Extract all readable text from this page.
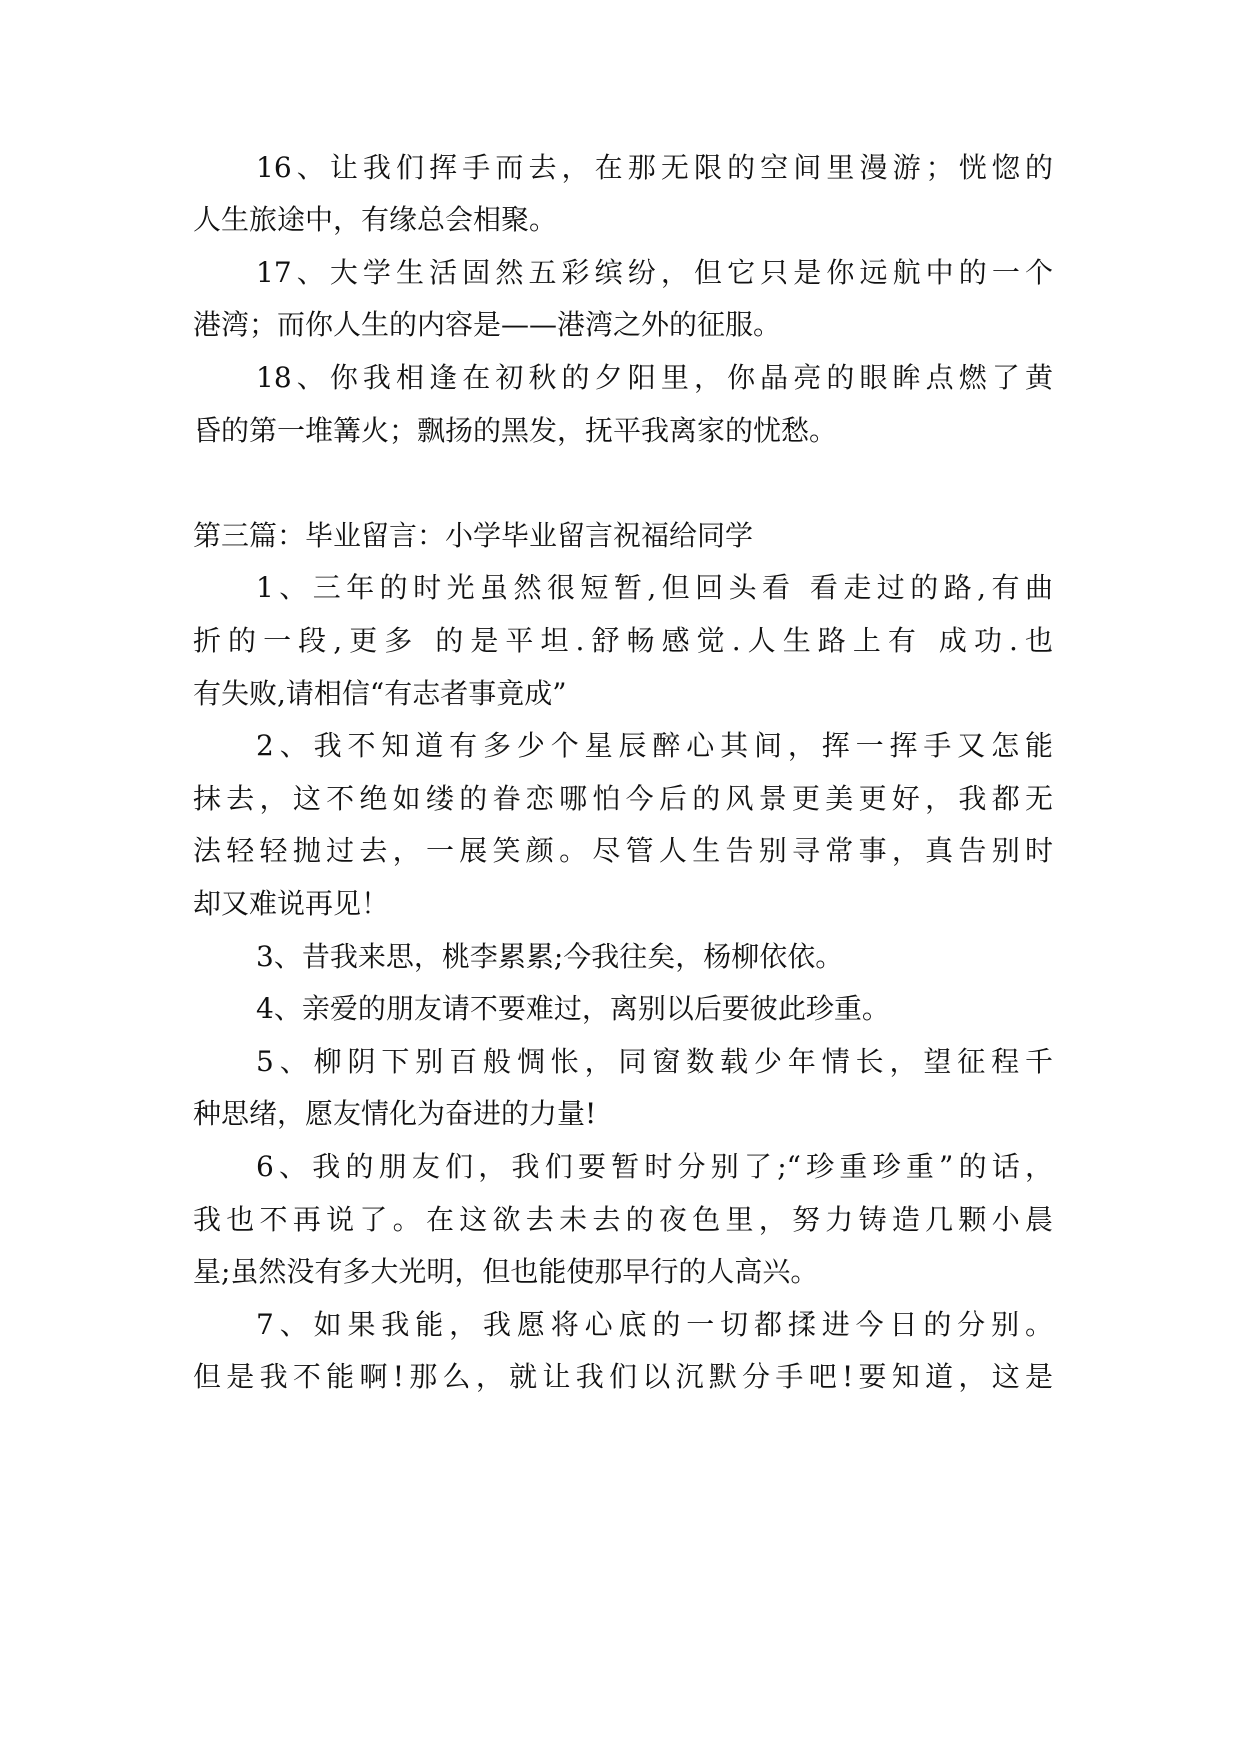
16、让我们挥手而去，在那无限的空间里漫游；恍惚的
人生旅途中，有缘总会相聚。
17、大学生活固然五彩缤纷，但它只是你远航中的一个
港湾；而你人生的内容是——港湾之外的征服。
18、你我相逢在初秋的夕阳里，你晶亮的眼眸点燃了黄
昏的第一堆篝火；飘扬的黑发，抚平我离家的忧愁。
第三篇：毕业留言：小学毕业留言祝福给同学
1、三年的时光虽然很短暂,但回头看 看走过的路,有曲
折的一段,更多 的是平坦.舒畅感觉.人生路上有 成功.也
有失败,请相信“有志者事竟成”
2、我不知道有多少个星辰醉心其间，挥一挥手又怎能
抹去，这不绝如缕的眷恋哪怕今后的风景更美更好，我都无
法轻轻抛过去，一展笑颜。尽管人生告别寻常事，真告别时
却又难说再见！
3、昔我来思，桃李累累;今我往矣，杨柳依依。
4、亲爱的朋友请不要难过，离别以后要彼此珍重。
5、柳阴下别百般惆怅，同窗数载少年情长，望征程千
种思绪，愿友情化为奋进的力量!
6、我的朋友们，我们要暂时分别了;“珍重珍重”的话，
我也不再说了。在这欲去未去的夜色里，努力铸造几颗小晨
星;虽然没有多大光明，但也能使那早行的人高兴。
7、如果我能，我愿将心底的一切都揉进今日的分别。
但是我不能啊!那么，就让我们以沉默分手吧!要知道，这是
